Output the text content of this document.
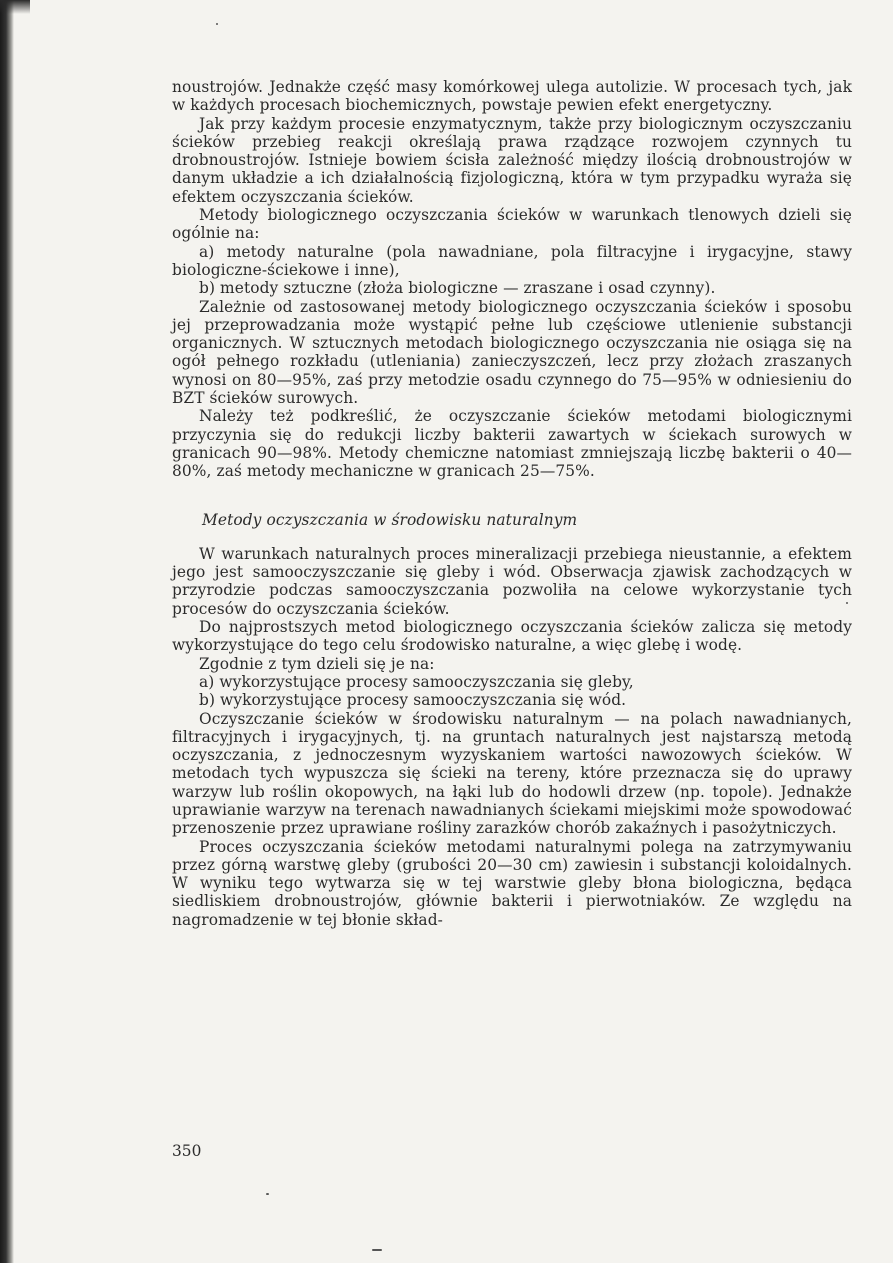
noustrojów. Jednakże część masy komórkowej ulega autolizie. W procesach tych, jak w każdych procesach biochemicznych, powstaje pewien efekt energetyczny.

Jak przy każdym procesie enzymatycznym, także przy biologicznym oczyszczaniu ścieków przebieg reakcji określają prawa rządzące rozwojem czynnych tu drobnoustrojów. Istnieje bowiem ścisła zależność między ilością drobnoustrojów w danym układzie a ich działalnością fizjologiczną, która w tym przypadku wyraża się efektem oczyszczania ścieków.

Metody biologicznego oczyszczania ścieków w warunkach tlenowych dzieli się ogólnie na:

a) metody naturalne (pola nawadniane, pola filtracyjne i irygacyjne, stawy biologiczne-ściekowe i inne),

b) metody sztuczne (złoża biologiczne — zraszane i osad czynny).

Zależnie od zastosowanej metody biologicznego oczyszczania ścieków i sposobu jej przeprowadzania może wystąpić pełne lub częściowe utlenienie substancji organicznych. W sztucznych metodach biologicznego oczyszczania nie osiąga się na ogół pełnego rozkładu (utleniania) zanieczyszczeń, lecz przy złożach zraszanych wynosi on 80—95%, zaś przy metodzie osadu czynnego do 75—95% w odniesieniu do BZT ścieków surowych.

Należy też podkreślić, że oczyszczanie ścieków metodami biologicznymi przyczynia się do redukcji liczby bakterii zawartych w ściekach surowych w granicach 90—98%. Metody chemiczne natomiast zmniejszają liczbę bakterii o 40—80%, zaś metody mechaniczne w granicach 25—75%.

Metody oczyszczania w środowisku naturalnym

W warunkach naturalnych proces mineralizacji przebiega nieustannie, a efektem jego jest samooczyszczanie się gleby i wód. Obserwacja zjawisk zachodzących w przyrodzie podczas samooczyszczania pozwoliła na celowe wykorzystanie tych procesów do oczyszczania ścieków.

Do najprostszych metod biologicznego oczyszczania ścieków zalicza się metody wykorzystujące do tego celu środowisko naturalne, a więc glebę i wodę.

Zgodnie z tym dzieli się je na:

a) wykorzystujące procesy samooczyszczania się gleby,

b) wykorzystujące procesy samooczyszczania się wód.

Oczyszczanie ścieków w środowisku naturalnym — na polach nawadnianych, filtracyjnych i irygacyjnych, tj. na gruntach naturalnych jest najstarszą metodą oczyszczania, z jednoczesnym wyzyskaniem wartości nawozowych ścieków. W metodach tych wypuszcza się ścieki na tereny, które przeznacza się do uprawy warzyw lub roślin okopowych, na łąki lub do hodowli drzew (np. topole). Jednakże uprawianie warzyw na terenach nawadnianych ściekami miejskimi może spowodować przenoszenie przez uprawiane rośliny zarazków chorób zakaźnych i pasożytniczych.

Proces oczyszczania ścieków metodami naturalnymi polega na zatrzymywaniu przez górną warstwę gleby (grubości 20—30 cm) zawiesin i substancji koloidalnych. W wyniku tego wytwarza się w tej warstwie gleby błona biologiczna, będąca siedliskiem drobnoustrojów, głównie bakterii i pierwotniaków. Ze względu na nagromadzenie w tej błonie skład-

350
